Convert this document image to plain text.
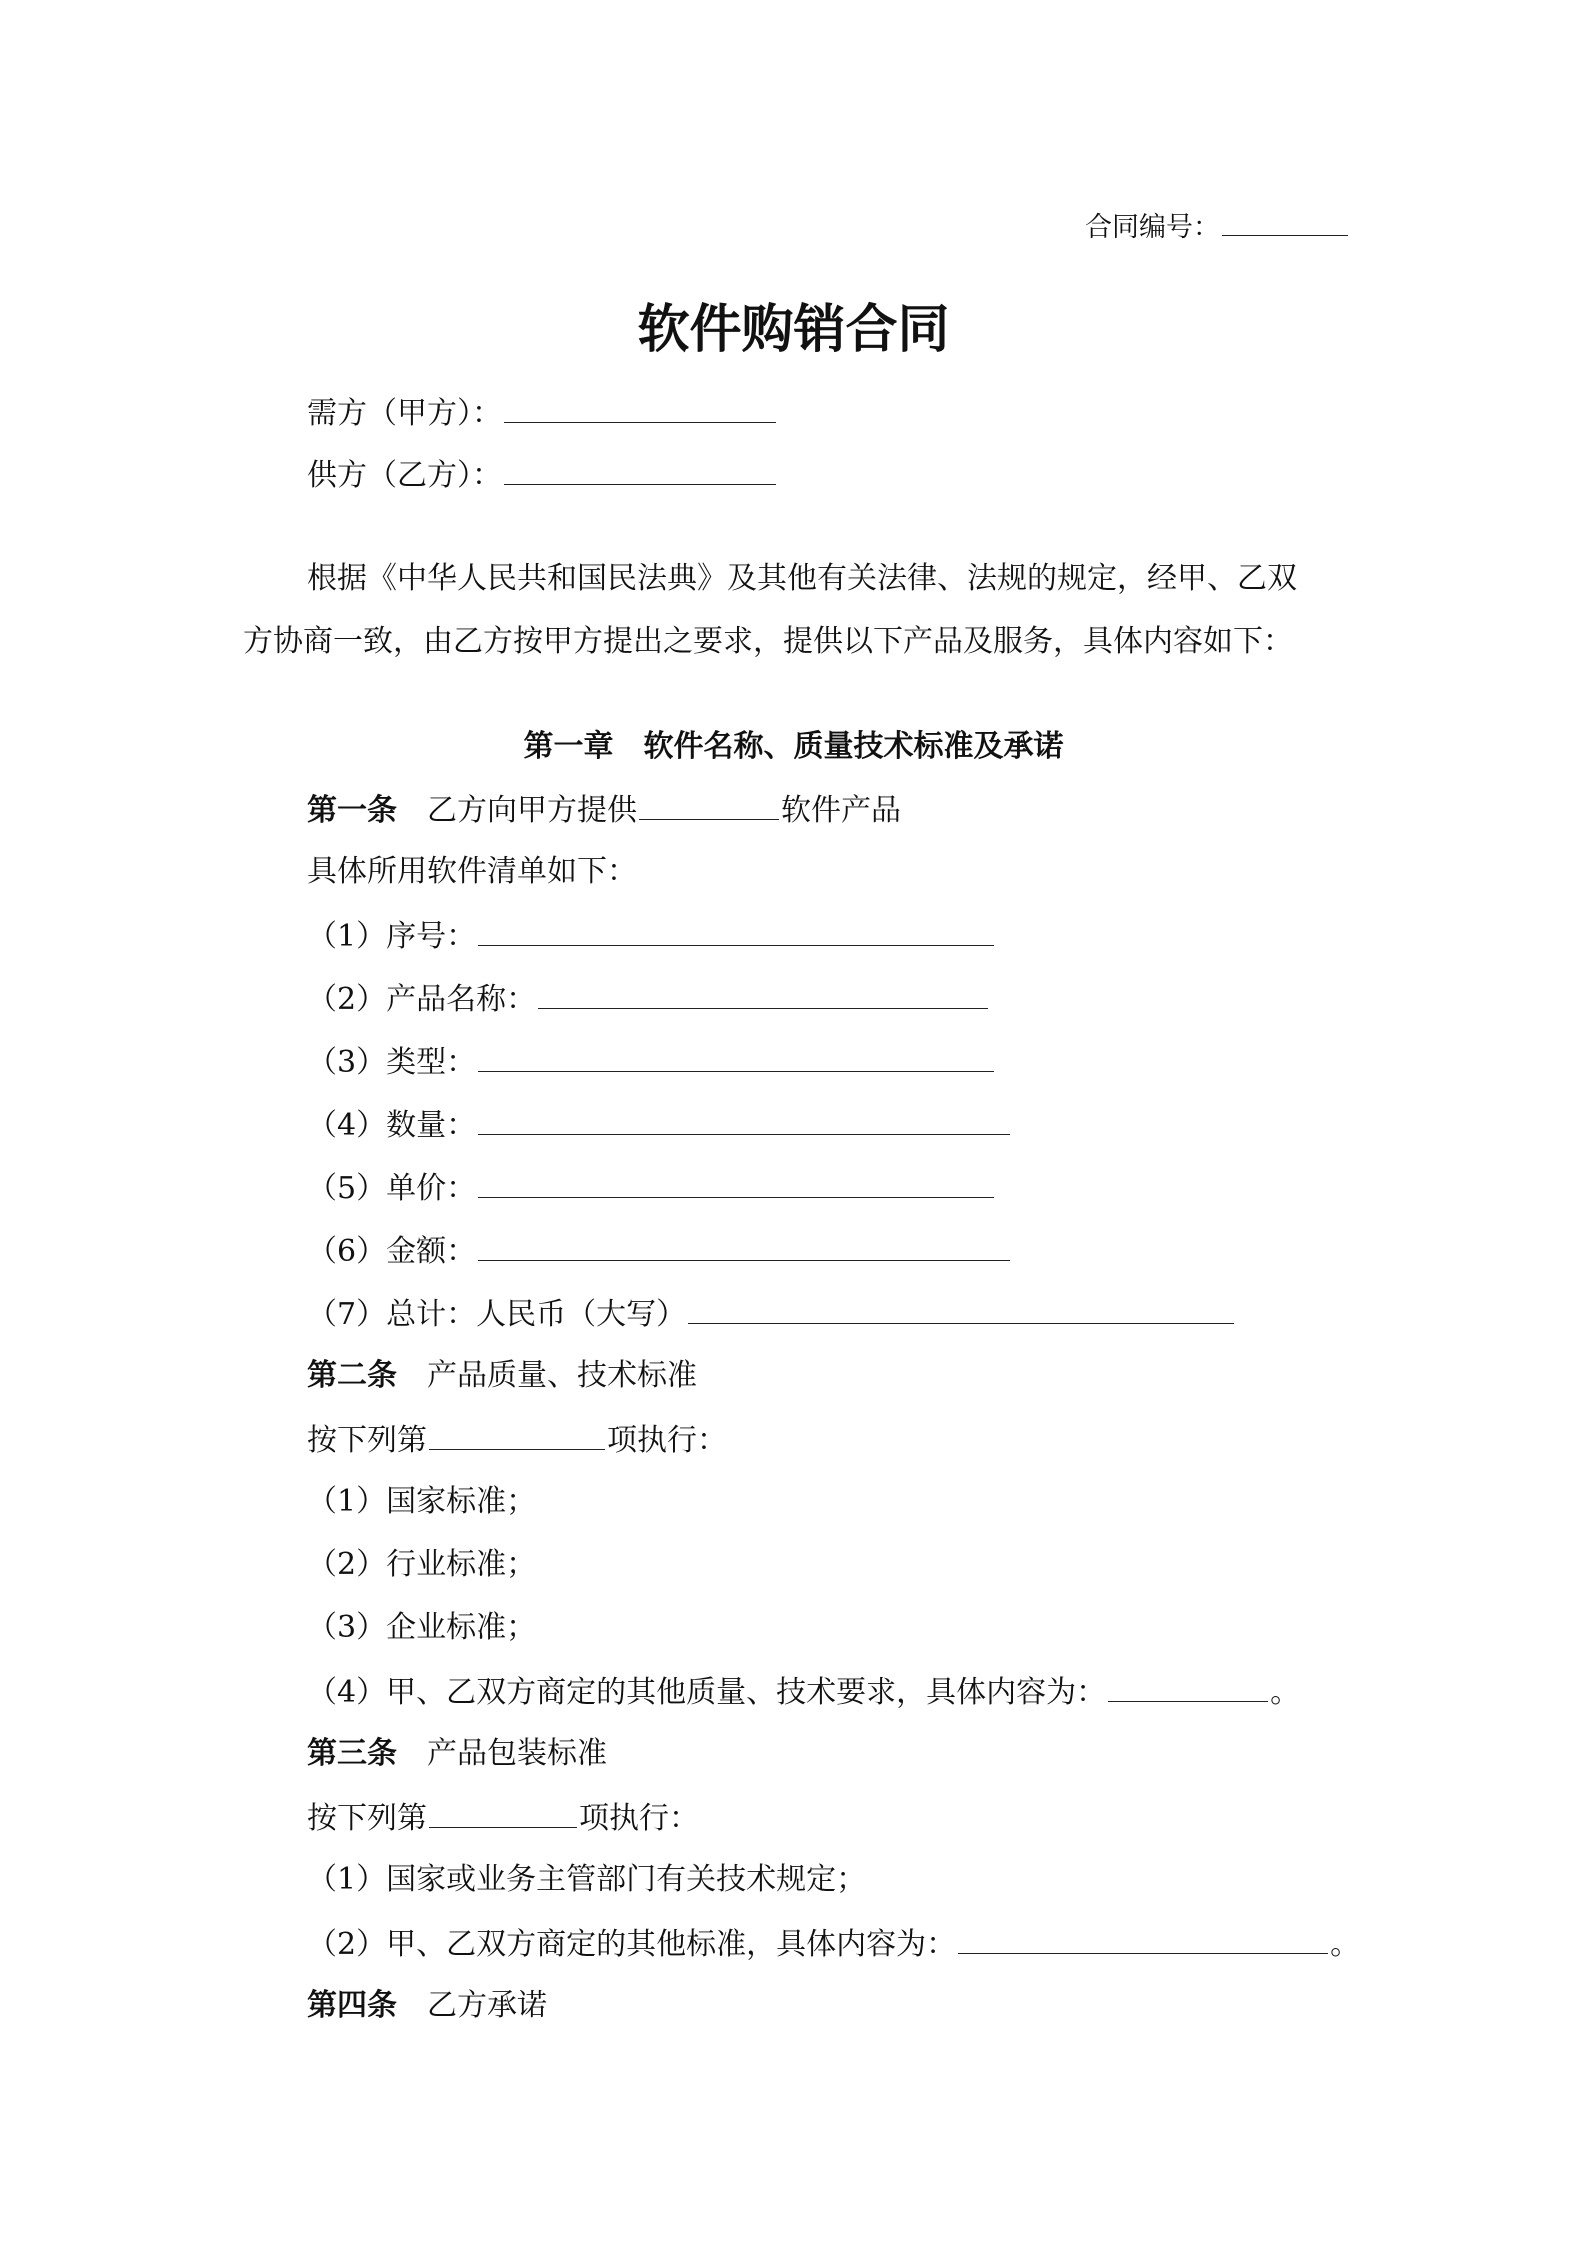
合同编号：
软件购销合同
需方（甲方）：
供方（乙方）：
根据《中华人民共和国民法典》及其他有关法律、法规的规定，经甲、乙双
方协商一致，由乙方按甲方提出之要求，提供以下产品及服务，具体内容如下：
第一章　软件名称、质量技术标准及承诺
第一条 乙方向甲方提供	软件产品
具体所用软件清单如下：
（1）序号：
（2）产品名称：
（3）类型：
（4）数量：
（5）单价：
（6）金额：
（7）总计：人民币（大写）
第二条 产品质量、技术标准
按下列第	项执行：
（1）国家标准；
（2）行业标准；
（3）企业标准；
（4）甲、乙双方商定的其他质量、技术要求，具体内容为：	。
第三条 产品包装标准
按下列第	项执行：
（1）国家或业务主管部门有关技术规定；
（2）甲、乙双方商定的其他标准，具体内容为：	。
第四条 乙方承诺
